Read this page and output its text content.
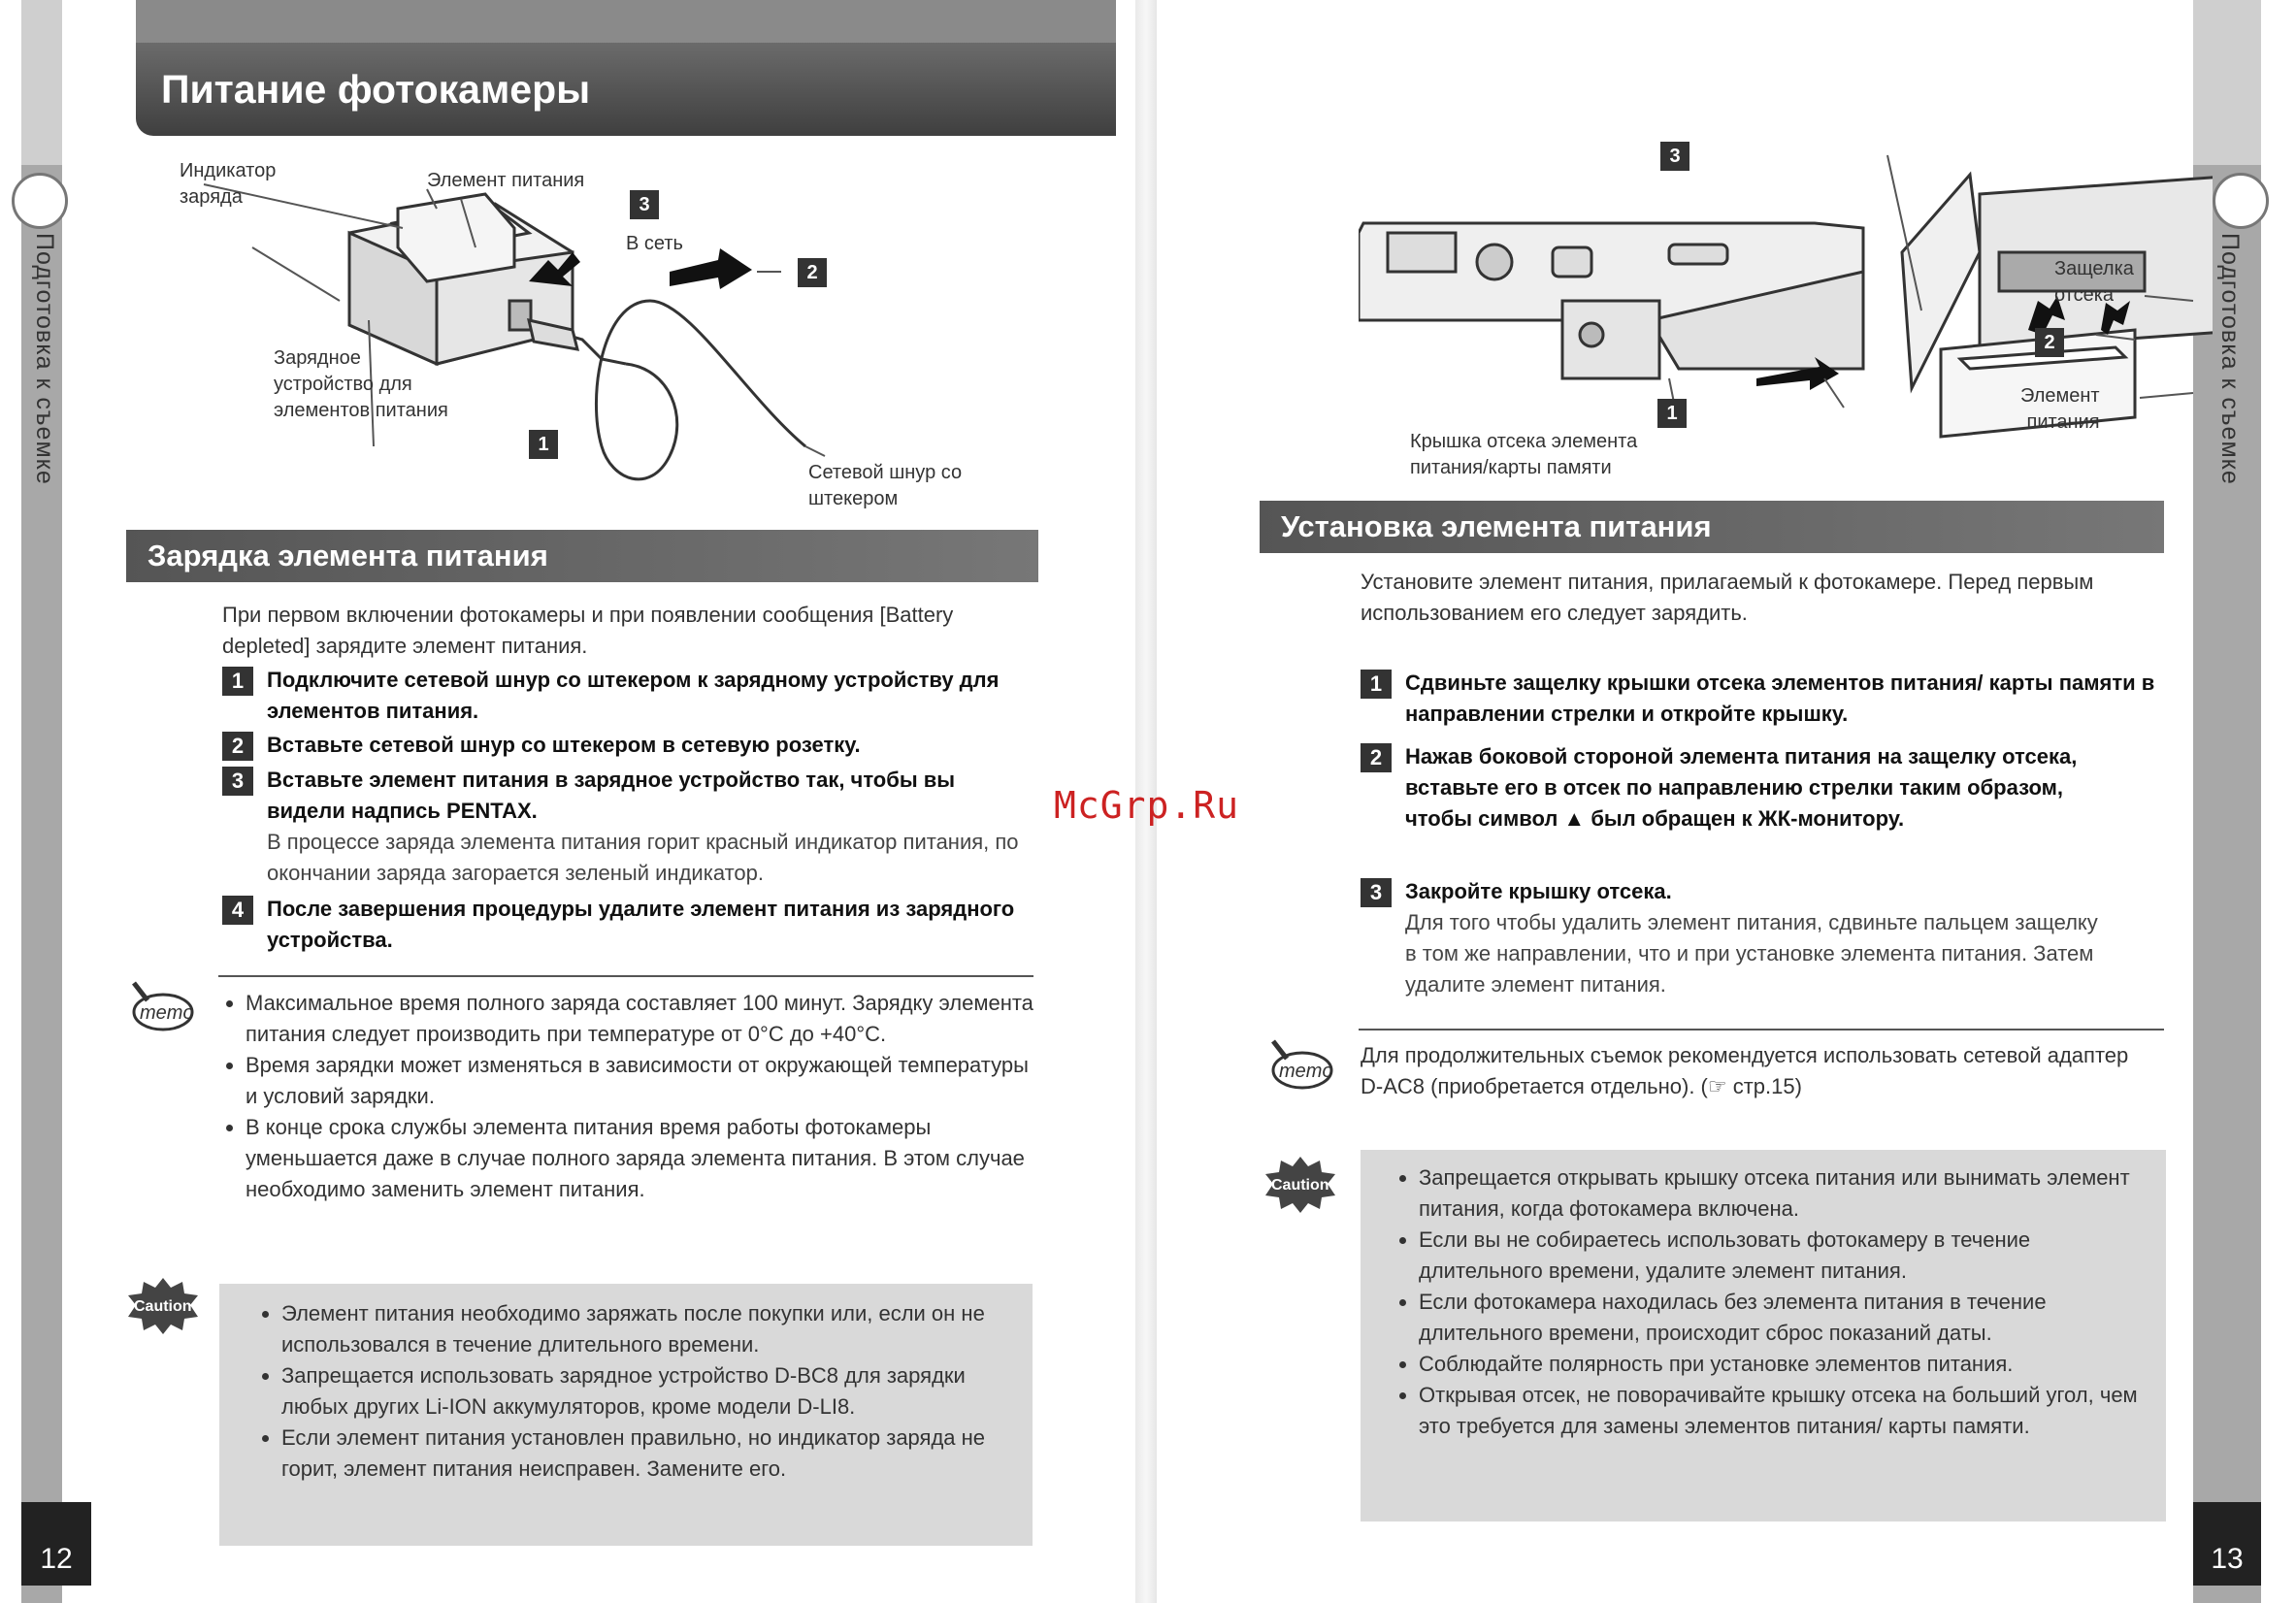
Подготовка к съемке
12
Питание фотокамеры
Индикатор
заряда
Элемент питания
3
В сеть
2
Зарядное
устройство для
элементов питания
1
Сетевой шнур со
штекером
Зарядка элемента питания
При первом включении фотокамеры и при появлении сообщения [Battery depleted] зарядите элемент питания.
1	Подключите сетевой шнур со штекером к зарядному устройству для элементов питания.
2	Вставьте сетевой шнур со штекером в сетевую розетку.
3	Вставьте элемент питания в зарядное устройство так, чтобы вы видели надпись PENTAX.
В процессе заряда элемента питания горит красный индикатор питания, по окончании заряда загорается зеленый индикатор.
4	После завершения процедуры удалите элемент питания из зарядного устройства.
memo • Максимальное время полного заряда составляет 100 минут. Зарядку элемента питания следует производить при температуре от 0°C до +40°C.
• Время зарядки может изменяться в зависимости от окружающей температуры и условий зарядки.
• В конце срока службы элемента питания время работы фотокамеры уменьшается даже в случае полного заряда элемента питания. В этом случае необходимо заменить элемент питания.
Caution	• Элемент питания необходимо заряжать после покупки или, если он не использовался в течение длительного времени.
• Запрещается использовать зарядное устройство D-BC8 для зарядки любых других Li-ION аккумуляторов, кроме модели D-LI8.
• Если элемент питания установлен правильно, но индикатор заряда не горит, элемент питания неисправен. Замените его.
Подготовка к съемке
13
3
Защелка
отсека
2
Элемент
питания
1
Крышка отсека элемента
питания/карты памяти
Установка элемента питания
Установите элемент питания, прилагаемый к фотокамере. Перед первым использованием его следует зарядить.
1	Сдвиньте защелку крышки отсека элементов питания/ карты памяти в направлении стрелки и откройте крышку.
2	Нажав боковой стороной элемента питания на защелку отсека, вставьте его в отсек по направлению стрелки таким образом, чтобы символ ▲ был обращен к ЖК-монитору.
3	Закройте крышку отсека.
Для того чтобы удалить элемент питания, сдвиньте пальцем защелку в том же направлении, что и при установке элемента питания. Затем удалите элемент питания.
memo
Для продолжительных съемок рекомендуется использовать сетевой адаптер D-AC8 (приобретается отдельно). (☞ стр.15)
Caution	• Запрещается открывать крышку отсека питания или вынимать элемент питания, когда фотокамера включена.
• Если вы не собираетесь использовать фотокамеру в течение длительного времени, удалите элемент питания.
• Если фотокамера находилась без элемента питания в течение длительного времени, происходит сброс показаний даты.
• Соблюдайте полярность при установке элементов питания.
• Открывая отсек, не поворачивайте крышку отсека на больший угол, чем это требуется для замены элементов питания/ карты памяти.
McGrp.Ru
